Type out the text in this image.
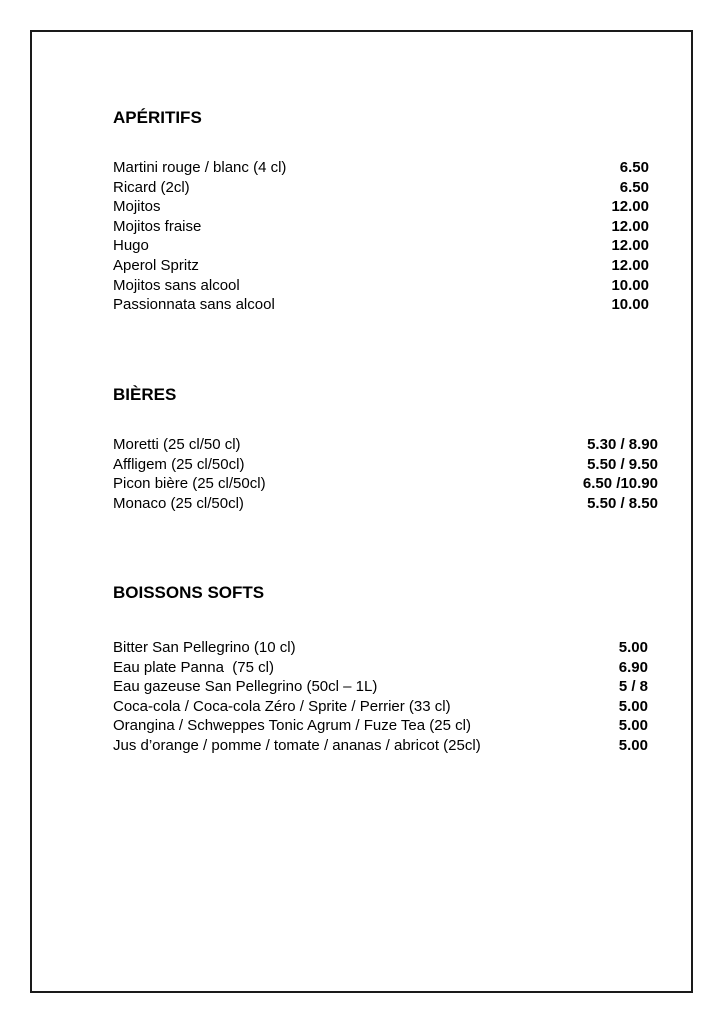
APÉRITIFS
Martini rouge / blanc (4 cl)	6.50
Ricard (2cl)	6.50
Mojitos	12.00
Mojitos fraise	12.00
Hugo	12.00
Aperol Spritz	12.00
Mojitos sans alcool	10.00
Passionnata sans alcool	10.00
BIÈRES
Moretti (25 cl/50 cl)	5.30 / 8.90
Affligem (25 cl/50cl)	5.50 / 9.50
Picon bière (25 cl/50cl)	6.50 /10.90
Monaco (25 cl/50cl)	5.50 / 8.50
BOISSONS SOFTS
Bitter San Pellegrino (10 cl)	5.00
Eau plate Panna  (75 cl)	6.90
Eau gazeuse San Pellegrino (50cl – 1L)	5 / 8
Coca-cola / Coca-cola Zéro / Sprite / Perrier (33 cl)	5.00
Orangina / Schweppes Tonic Agrum / Fuze Tea (25 cl)	5.00
Jus d’orange / pomme / tomate / ananas / abricot (25cl)	5.00
